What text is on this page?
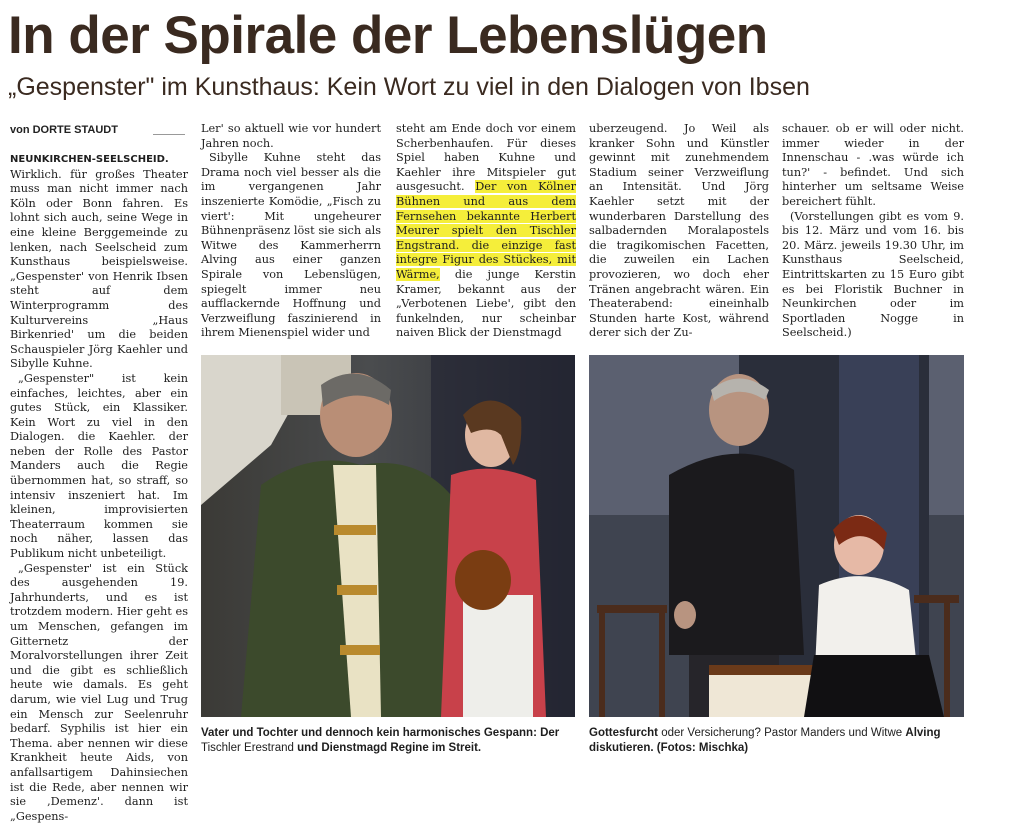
In der Spirale der Lebenslügen
„Gespenster" im Kunsthaus: Kein Wort zu viel in den Dialogen von Ibsen
von DORTE STAUDT

NEUNKIRCHEN-SEELSCHEID. Wirklich. für großes Theater muss man nicht immer nach Köln oder Bonn fahren. Es lohnt sich auch, seine Wege in eine kleine Berggemeinde zu lenken, nach Seelscheid zum Kunsthaus beispielsweise. „Gespenster' von Henrik Ibsen steht auf dem Winterprogramm des Kulturvereins „Haus Birkenried' um die beiden Schauspieler Jörg Kaehler und Sibylle Kuhne.

„Gespenster" ist kein einfaches, leichtes, aber ein gutes Stück, ein Klassiker. Kein Wort zu viel in den Dialogen. die Kaehler. der neben der Rolle des Pastor Manders auch die Regie übernommen hat, so straff, so intensiv inszeniert hat. Im kleinen, improvisierten Theaterraum kommen sie noch näher, lassen das Publikum nicht unbeteiligt.

„Gespenster' ist ein Stück des ausgehenden 19. Jahrhunderts, und es ist trotzdem modern. Hier geht es um Menschen, gefangen im Gitternetz der Moralvorstellungen ihrer Zeit und die gibt es schließlich heute wie damals. Es geht darum, wie viel Lug und Trug ein Mensch zur Seelenruhr bedarf. Syphilis ist hier ein Thema. aber nennen wir diese Krankheit heute Aids, von anfallsartigem Dahinsiechen ist die Rede, aber nennen wir sie ‚Demenz'. dann ist „Gespens-

Ler' so aktuell wie vor hundert Jahren noch.

Sibylle Kuhne steht das Drama noch viel besser als die im vergangenen Jahr inszenierte Komödie, „Fisch zu viert': Mit ungeheurer Bühnenpräsenz löst sie sich als Witwe des Kammerherrn Alving aus einer ganzen Spirale von Lebenslügen, spiegelt immer neu aufflackernde Hoffnung und Verzweiflung faszinierend in ihrem Mienenspiel wider und

steht am Ende doch vor einem Scherbenhaufen. Für dieses Spiel haben Kuhne und Kaehler ihre Mitspieler gut ausgesucht. Der von Kölner Bühnen und aus dem Fernsehen bekannte Herbert Meurer spielt den Tischler Engstrand. die einzige fast integre Figur des Stückes, mit Wärme, die junge Kerstin Kramer, bekannt aus der „Verbotenen Liebe', gibt den funkelnden, nur scheinbar naiven Blick der Dienstmagd

uberzeugend. Jo Weil als kranker Sohn und Künstler gewinnt mit zunehmendem Stadium seiner Verzweiflung an Intensität. Und Jörg Kaehler setzt mit der wunderbaren Darstellung des salbadernden Moralapostels die tragikomischen Facetten, die zuweilen ein Lachen provozieren, wo doch eher Tränen angebracht wären. Ein Theaterabend: eineinhalb Stunden harte Kost, während derer sich der Zu-

schauer. ob er will oder nicht. immer wieder in der Innenschau - .was würde ich tun?' - befindet. Und sich hinterher um seltsame Weise bereichert fühlt.

(Vorstellungen gibt es vom 9. bis 12. März und vom 16. bis 20. März. jeweils 19.30 Uhr, im Kunsthaus Seelscheid, Eintrittskarten zu 15 Euro gibt es bei Floristik Buchner in Neunkirchen oder im Sportladen Nogge in Seelscheid.)

Vater und Tochter und dennoch kein harmonisches Gespann: Der Tischler Erestrand und Dienstmagd Regine im Streit.
Gottesfurcht oder Versicherung? Pastor Manders und Witwe Alving diskutieren. (Fotos: Mischka)
